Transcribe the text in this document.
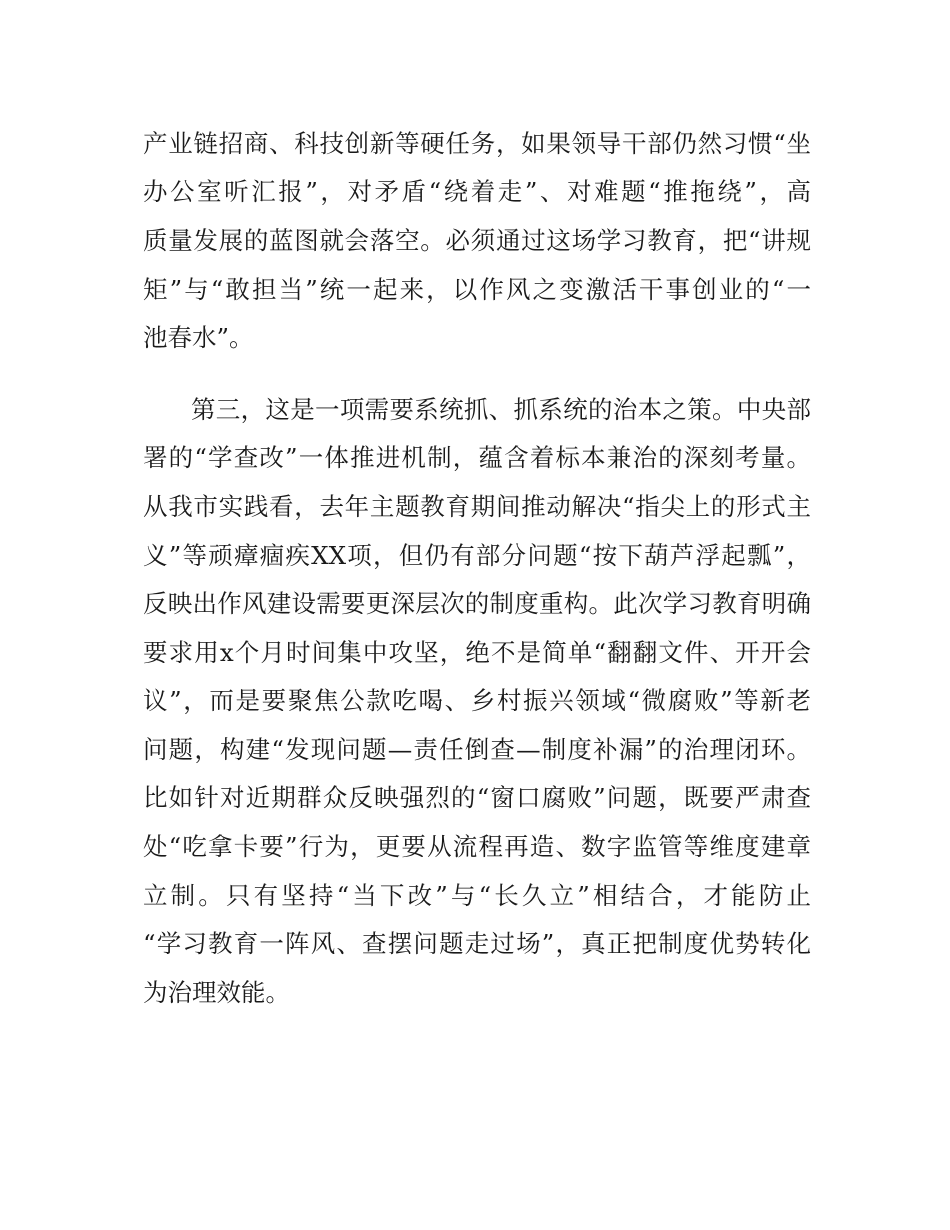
产业链招商、科技创新等硬任务，如果领导干部仍然习惯“坐
办公室听汇报”，对矛盾“绕着走”、对难题“推拖绕”，高
质量发展的蓝图就会落空。必须通过这场学习教育，把“讲规
矩”与“敢担当”统一起来，以作风之变激活干事创业的“一
池春水”。
第三，这是一项需要系统抓、抓系统的治本之策。中央部
署的“学查改”一体推进机制，蕴含着标本兼治的深刻考量。
从我市实践看，去年主题教育期间推动解决“指尖上的形式主
义”等顽瘴痼疾XX项，但仍有部分问题“按下葫芦浮起瓢”，
反映出作风建设需要更深层次的制度重构。此次学习教育明确
要求用x个月时间集中攻坚，绝不是简单“翻翻文件、开开会
议”，而是要聚焦公款吃喝、乡村振兴领域“微腐败”等新老
问题，构建“发现问题—责任倒查—制度补漏”的治理闭环。
比如针对近期群众反映强烈的“窗口腐败”问题，既要严肃查
处“吃拿卡要”行为，更要从流程再造、数字监管等维度建章
立制。只有坚持“当下改”与“长久立”相结合，才能防止
“学习教育一阵风、查摆问题走过场”，真正把制度优势转化
为治理效能。
